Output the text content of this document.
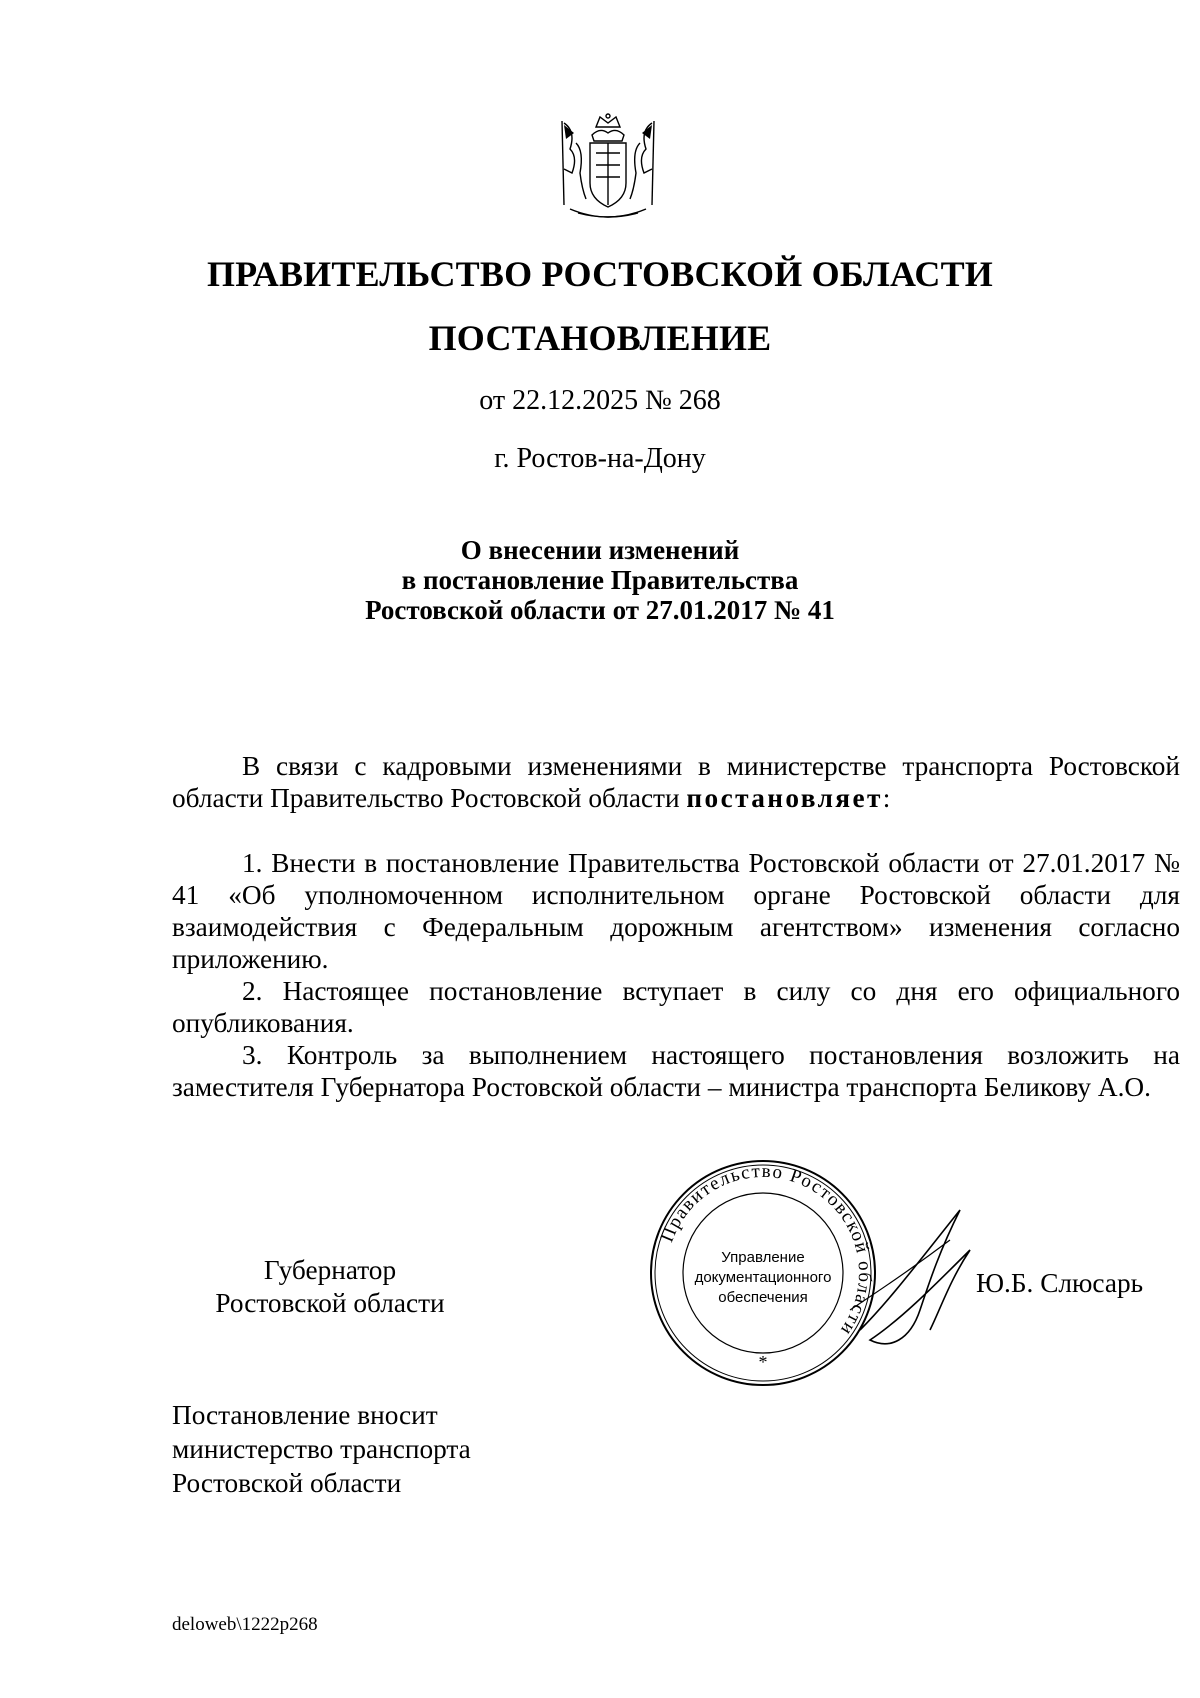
ПРАВИТЕЛЬСТВО РОСТОВСКОЙ ОБЛАСТИ
ПОСТАНОВЛЕНИЕ
от 22.12.2025 № 268
г. Ростов-на-Дону
О внесении изменений
в постановление Правительства
Ростовской области от 27.01.2017 № 41

В связи с кадровыми изменениями в министерстве транспорта Ростовской области Правительство Ростовской области постановляет:

1. Внести в постановление Правительства Ростовской области от 27.01.2017 № 41 «Об уполномоченном исполнительном органе Ростовской области для взаимодействия с Федеральным дорожным агентством» изменения согласно приложению.

2. Настоящее постановление вступает в силу со дня его официального опубликования.

3. Контроль за выполнением настоящего постановления возложить на заместителя Губернатора Ростовской области – министра транспорта Беликову А.О.

Губернатор
Ростовской области
Правительство Ростовской области
Управление
документационного
обеспечения
*
Ю.Б. Слюсарь
Постановление вносит
министерство транспорта
Ростовской области
deloweb\1222p268
